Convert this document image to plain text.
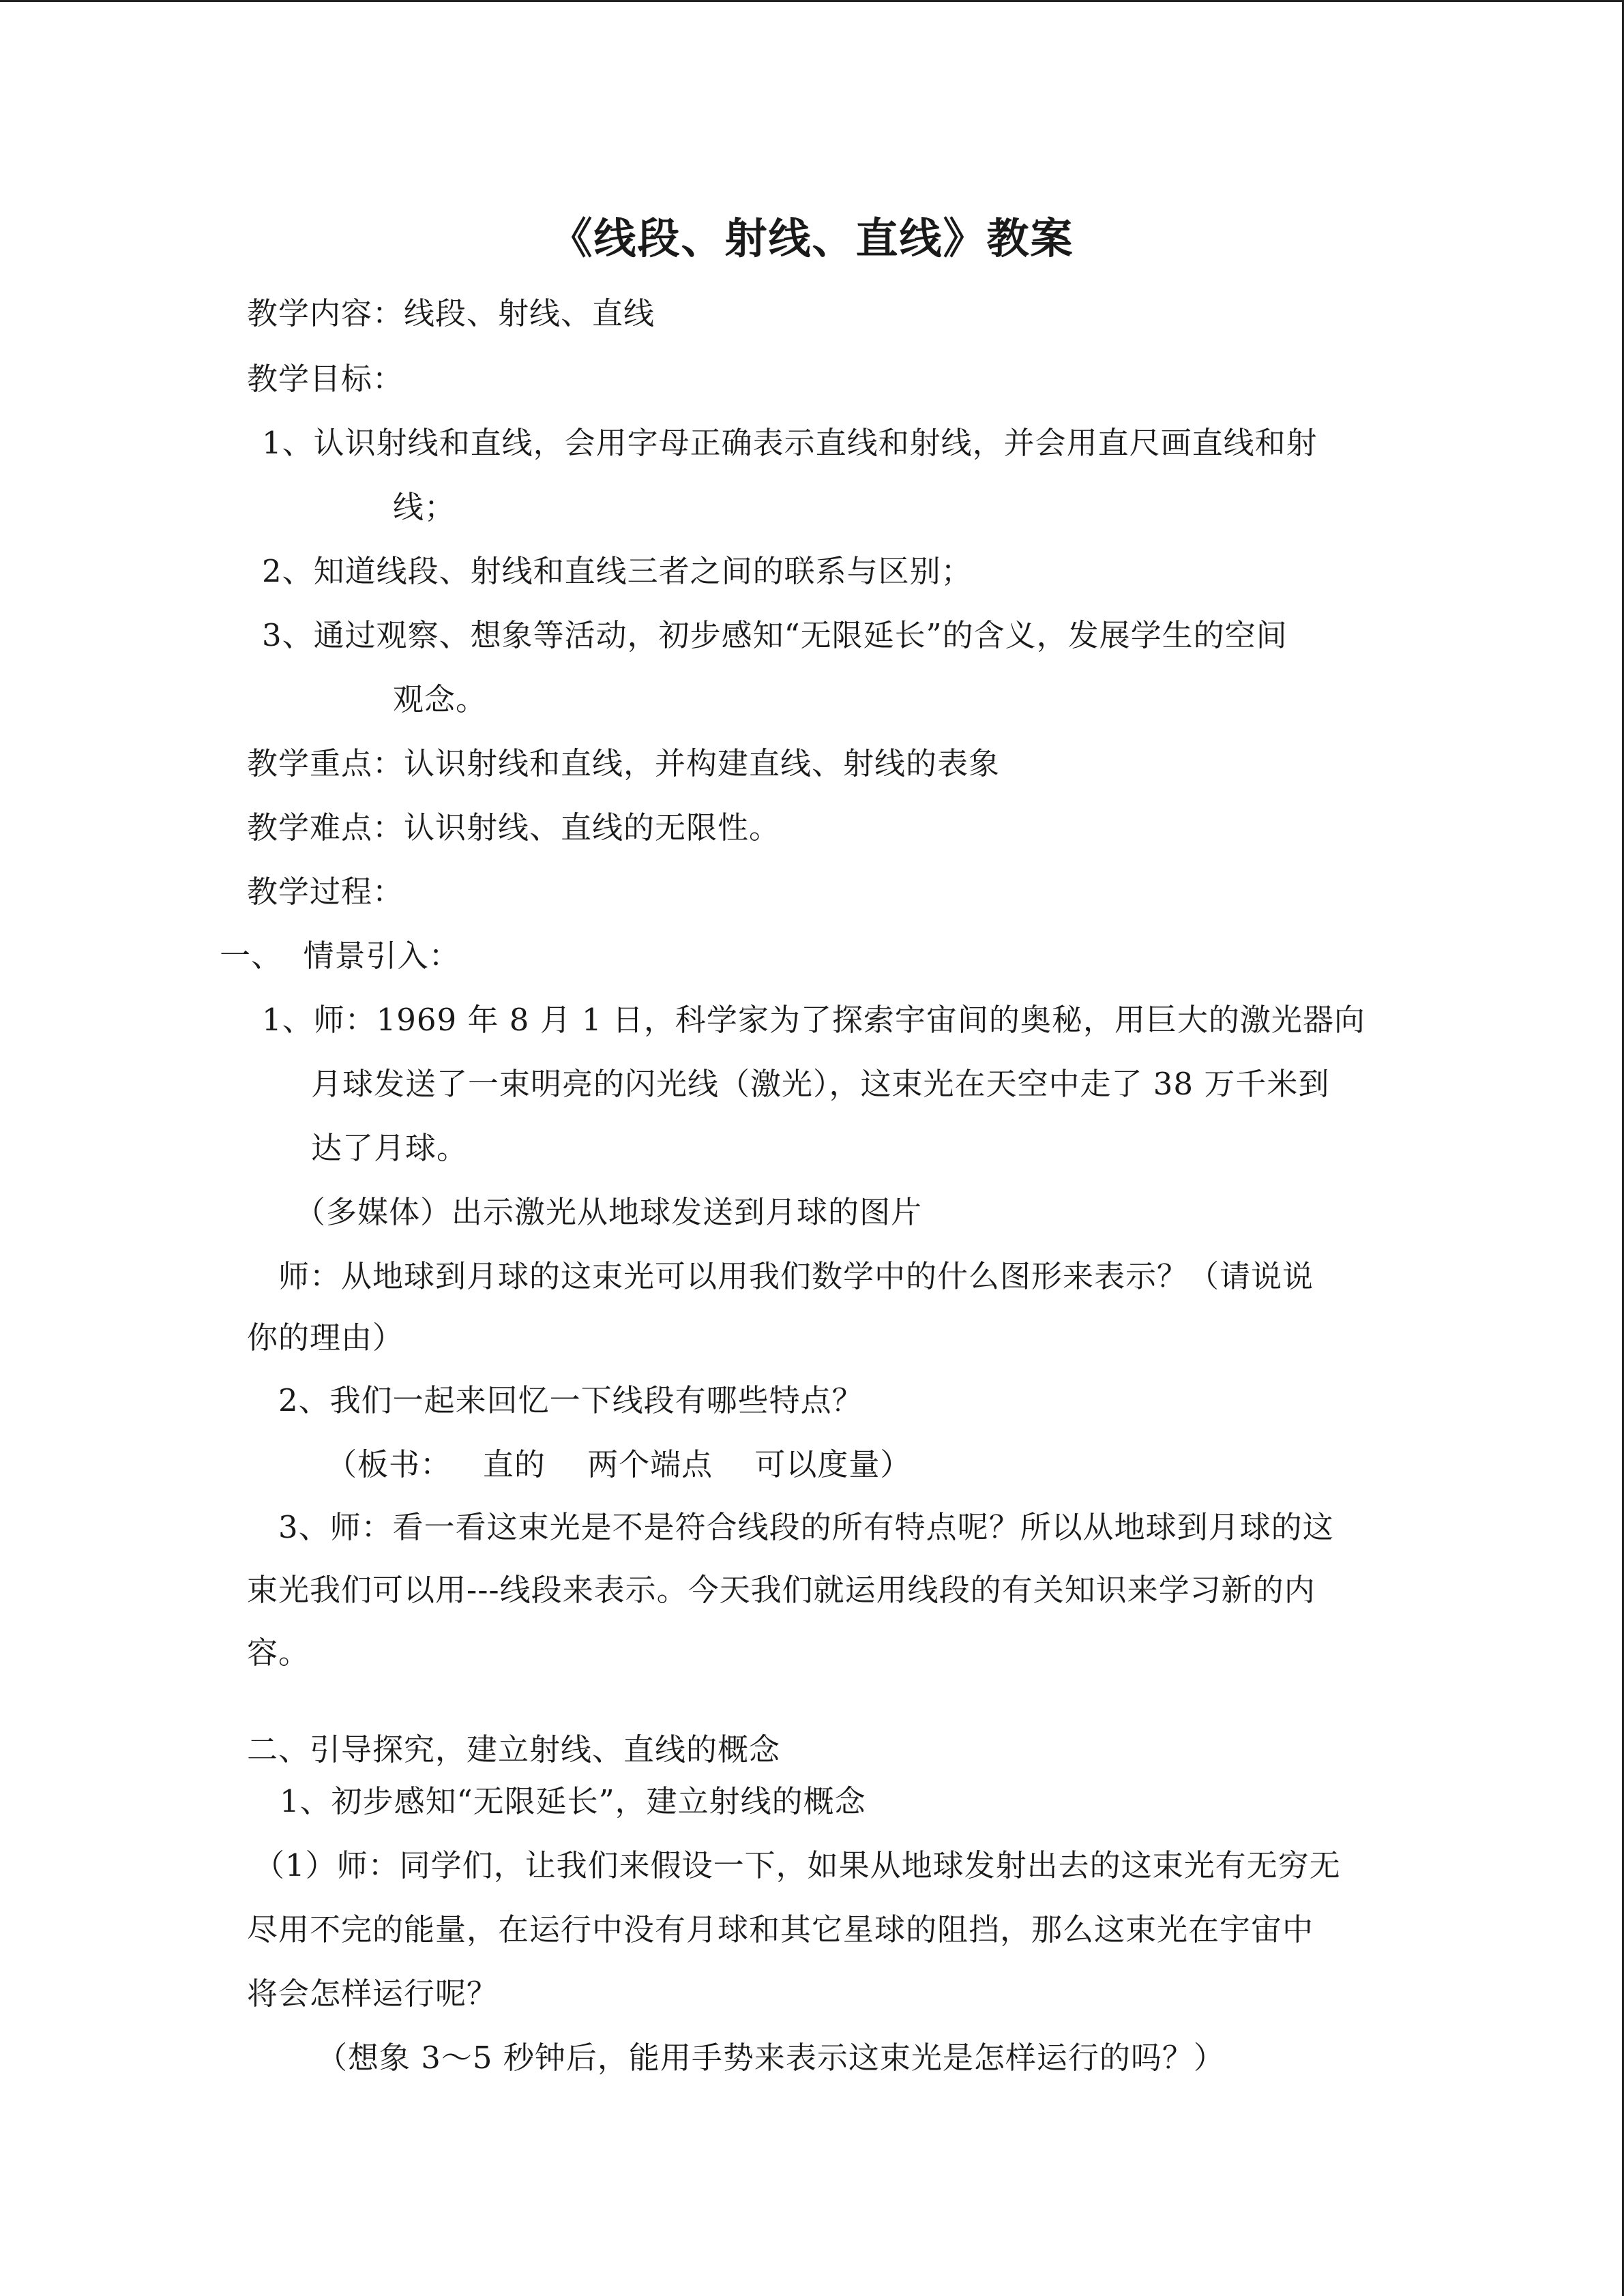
《线段、射线、直线》教案
教学内容：线段、射线、直线
教学目标：
1、认识射线和直线，会用字母正确表示直线和射线，并会用直尺画直线和射
线；
2、知道线段、射线和直线三者之间的联系与区别；
3、通过观察、想象等活动，初步感知“无限延长”的含义，发展学生的空间
观念。
教学重点：认识射线和直线，并构建直线、射线的表象
教学难点：认识射线、直线的无限性。
教学过程：
一、  情景引入：
1、师：1969 年 8 月 1 日，科学家为了探索宇宙间的奥秘，用巨大的激光器向
月球发送了一束明亮的闪光线（激光），这束光在天空中走了 38 万千米到
达了月球。
（多媒体）出示激光从地球发送到月球的图片
师：从地球到月球的这束光可以用我们数学中的什么图形来表示？（请说说
你的理由）
2、我们一起来回忆一下线段有哪些特点？
（板书：   直的    两个端点    可以度量）
3、师：看一看这束光是不是符合线段的所有特点呢？所以从地球到月球的这
束光我们可以用---线段来表示。今天我们就运用线段的有关知识来学习新的内
容。
二、引导探究，建立射线、直线的概念
1、初步感知“无限延长”，建立射线的概念
（1）师：同学们，让我们来假设一下，如果从地球发射出去的这束光有无穷无
尽用不完的能量，在运行中没有月球和其它星球的阻挡，那么这束光在宇宙中
将会怎样运行呢？
（想象 3～5 秒钟后，能用手势来表示这束光是怎样运行的吗？）
